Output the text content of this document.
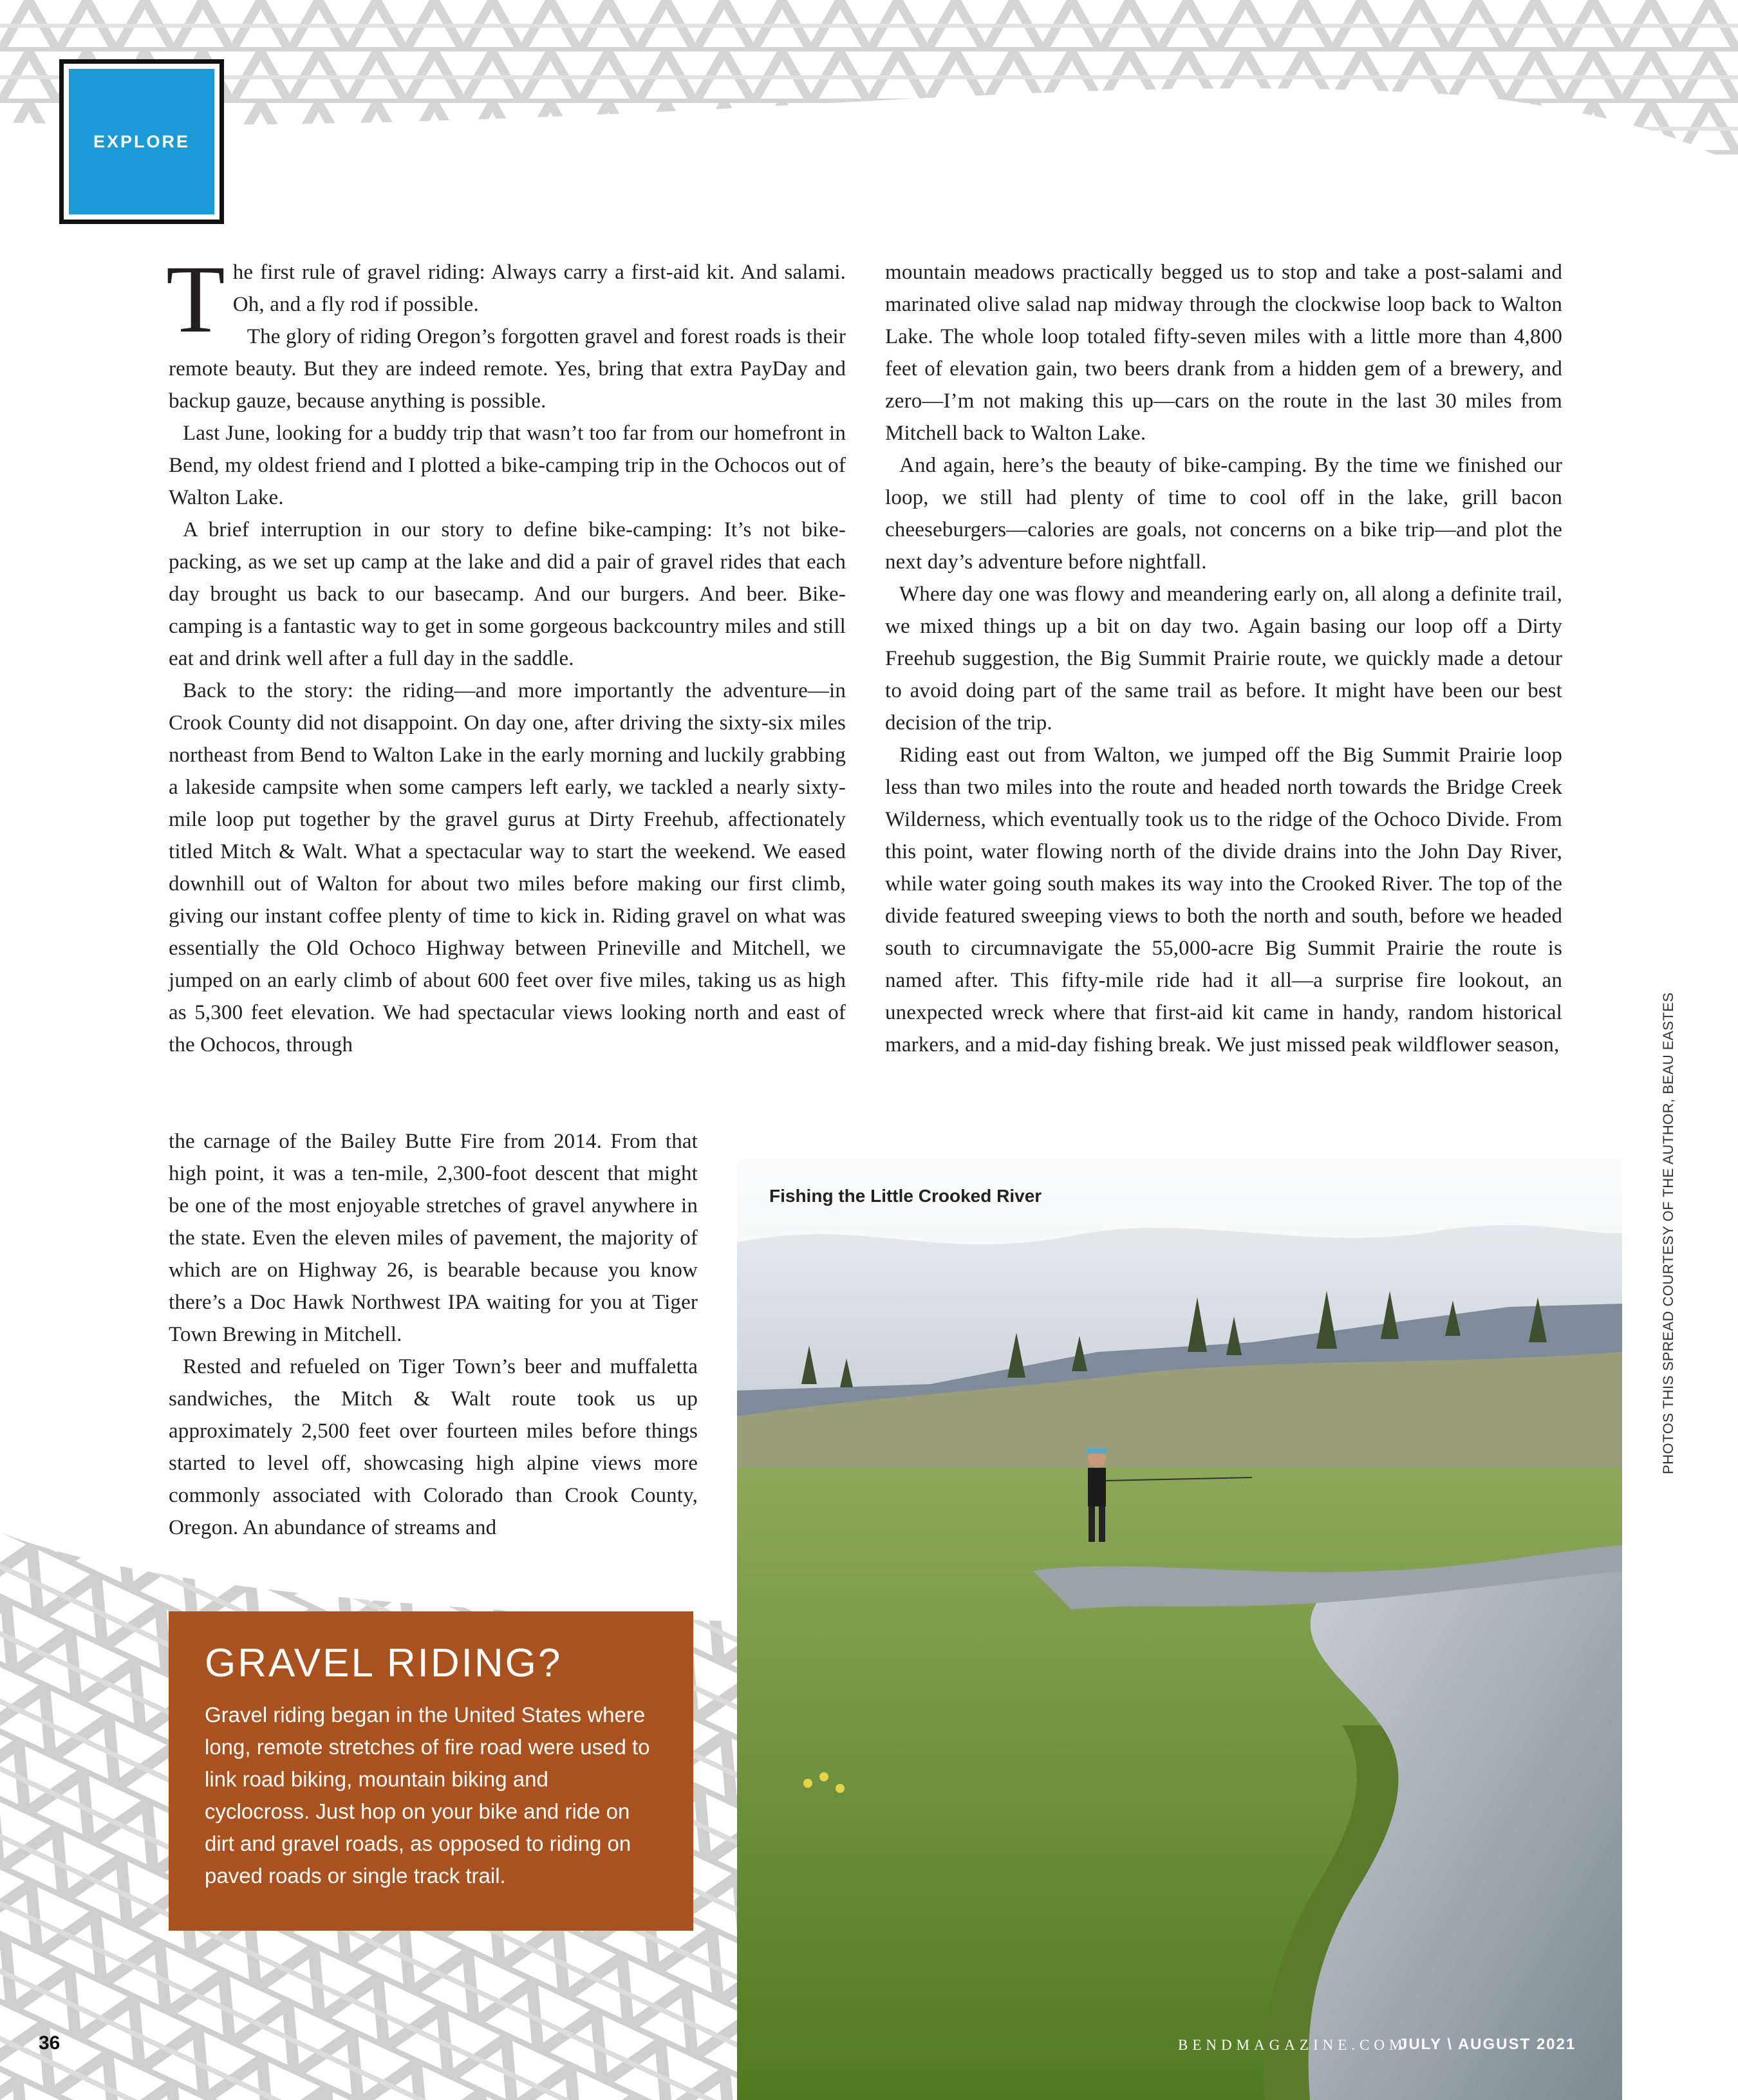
EXPLORE

The first rule of gravel riding: Always carry a first-aid kit. And salami. Oh, and a fly rod if possible.

The glory of riding Oregon’s forgotten gravel and forest roads is their remote beauty. But they are indeed remote. Yes, bring that extra PayDay and backup gauze, because anything is possible.

Last June, looking for a buddy trip that wasn’t too far from our homefront in Bend, my oldest friend and I plotted a bike-camping trip in the Ochocos out of Walton Lake.

A brief interruption in our story to define bike-camping: It’s not bike-packing, as we set up camp at the lake and did a pair of gravel rides that each day brought us back to our basecamp. And our burgers. And beer. Bike-camping is a fantastic way to get in some gorgeous backcountry miles and still eat and drink well after a full day in the saddle.

Back to the story: the riding—and more importantly the adventure—in Crook County did not disappoint. On day one, after driving the sixty-six miles northeast from Bend to Walton Lake in the early morning and luckily grabbing a lakeside campsite when some campers left early, we tackled a nearly sixty-mile loop put together by the gravel gurus at Dirty Freehub, affectionately titled Mitch & Walt. What a spectacular way to start the weekend. We eased downhill out of Walton for about two miles before making our first climb, giving our instant coffee plenty of time to kick in. Riding gravel on what was essentially the Old Ochoco Highway between Prineville and Mitchell, we jumped on an early climb of about 600 feet over five miles, taking us as high as 5,300 feet elevation. We had spectacular views looking north and east of the Ochocos, through

the carnage of the Bailey Butte Fire from 2014. From that high point, it was a ten-mile, 2,300-foot descent that might be one of the most enjoyable stretches of gravel anywhere in the state. Even the eleven miles of pavement, the majority of which are on Highway 26, is bearable because you know there’s a Doc Hawk Northwest IPA waiting for you at Tiger Town Brewing in Mitchell.

Rested and refueled on Tiger Town’s beer and muffaletta sandwiches, the Mitch & Walt route took us up approximately 2,500 feet over fourteen miles before things started to level off, showcasing high alpine views more commonly associated with Colorado than Crook County, Oregon. An abundance of streams and

mountain meadows practically begged us to stop and take a post-salami and marinated olive salad nap midway through the clockwise loop back to Walton Lake. The whole loop totaled fifty-seven miles with a little more than 4,800 feet of elevation gain, two beers drank from a hidden gem of a brewery, and zero—I’m not making this up—cars on the route in the last 30 miles from Mitchell back to Walton Lake.

And again, here’s the beauty of bike-camping. By the time we finished our loop, we still had plenty of time to cool off in the lake, grill bacon cheeseburgers—calories are goals, not concerns on a bike trip—and plot the next day’s adventure before nightfall.

Where day one was flowy and meandering early on, all along a definite trail, we mixed things up a bit on day two. Again basing our loop off a Dirty Freehub suggestion, the Big Summit Prairie route, we quickly made a detour to avoid doing part of the same trail as before. It might have been our best decision of the trip.

Riding east out from Walton, we jumped off the Big Summit Prairie loop less than two miles into the route and headed north towards the Bridge Creek Wilderness, which eventually took us to the ridge of the Ochoco Divide. From this point, water flowing north of the divide drains into the John Day River, while water going south makes its way into the Crooked River. The top of the divide featured sweeping views to both the north and south, before we headed south to circumnavigate the 55,000-acre Big Summit Prairie the route is named after. This fifty-mile ride had it all—a surprise fire lookout, an unexpected wreck where that first-aid kit came in handy, random historical markers, and a mid-day fishing break. We just missed peak wildflower season,

Fishing the Little Crooked River
GRAVEL RIDING?

Gravel riding began in the United States where long, remote stretches of fire road were used to link road biking, mountain biking and cyclocross. Just hop on your bike and ride on dirt and gravel roads, as opposed to riding on paved roads or single track trail.

PHOTOS THIS SPREAD COURTESY OF THE AUTHOR, BEAU EASTES
36	BENDMAGAZINE.COM
JULY \ AUGUST 2021
